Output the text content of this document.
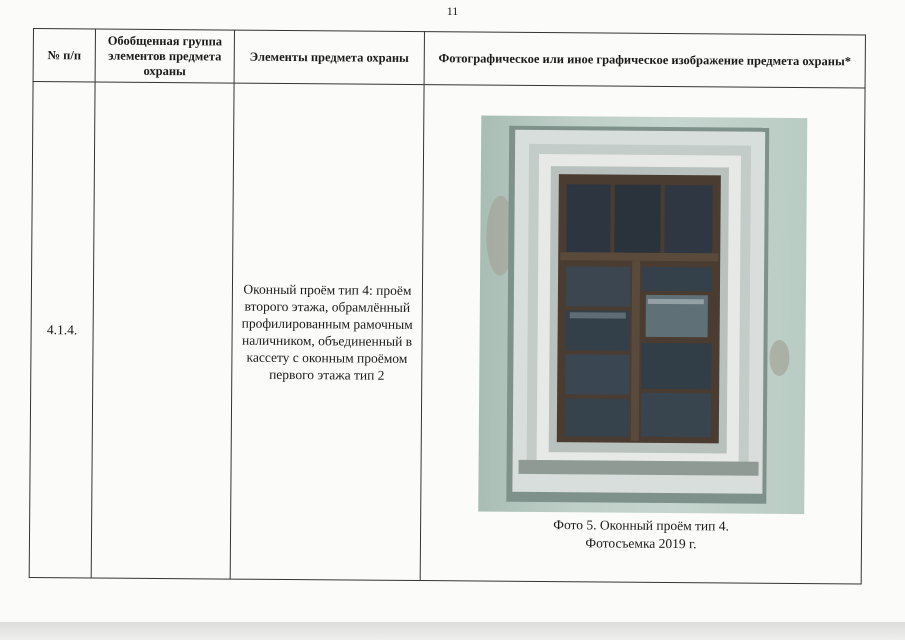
11
№ п/п	Обобщенная группа элементов предмета охраны	Элементы предмета охраны	Фотографическое или иное графическое изображение предмета охраны*
4.1.4.		Оконный проём тип 4: проём второго этажа, обрамлённый профилированным рамочным наличником, объединенный в кассету с оконным проёмом первого этажа тип 2	Фото 5. Оконный проём тип 4.
Фотосъемка 2019 г.
